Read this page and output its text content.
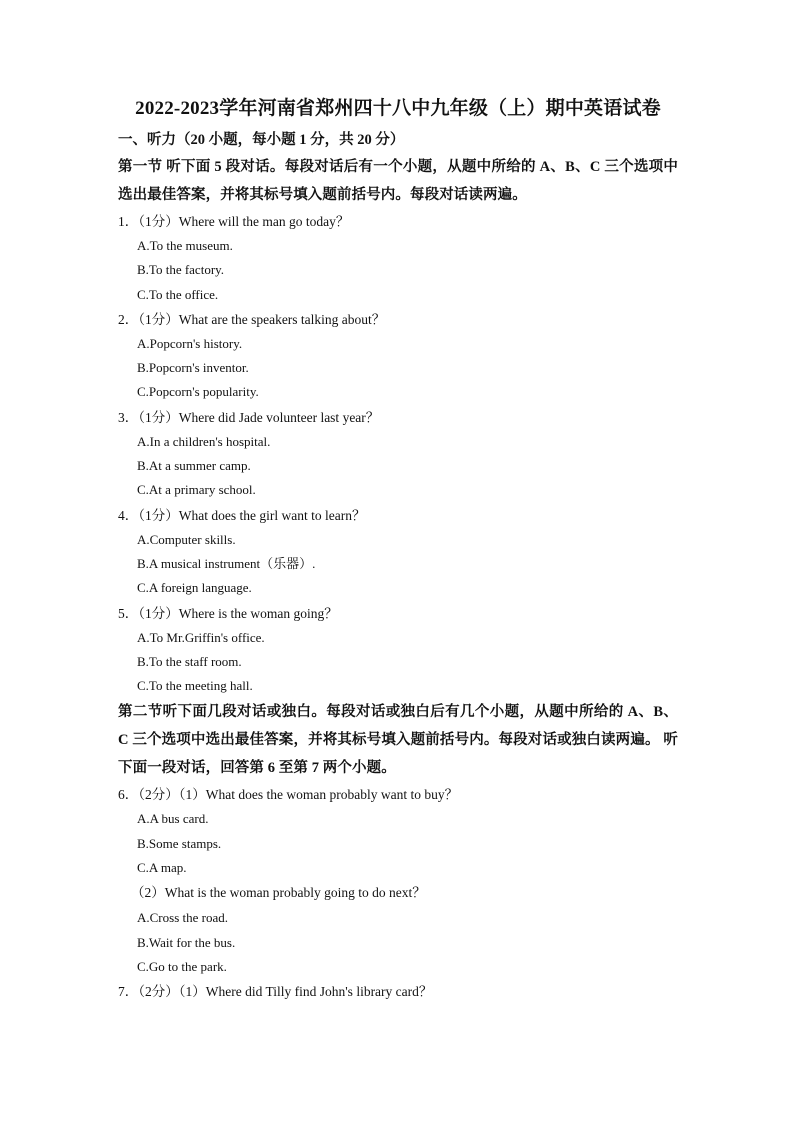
2022-2023学年河南省郑州四十八中九年级（上）期中英语试卷
一、听力（20 小题，每小题 1 分，共 20 分）
第一节 听下面 5 段对话。每段对话后有一个小题，从题中所给的 A、B、C 三个选项中选出最佳答案，并将其标号填入题前括号内。每段对话读两遍。
1．（1分）Where will the man go today？
A.To the museum.
B.To the factory.
C.To the office.
2．（1分）What are the speakers talking about？
A.Popcorn's history.
B.Popcorn's inventor.
C.Popcorn's popularity.
3．（1分）Where did Jade volunteer last year？
A.In a children's hospital.
B.At a summer camp.
C.At a primary school.
4．（1分）What does the girl want to learn？
A.Computer skills.
B.A musical instrument（乐器）.
C.A foreign language.
5．（1分）Where is the woman going？
A.To Mr.Griffin's office.
B.To the staff room.
C.To the meeting hall.
第二节听下面几段对话或独白。每段对话或独白后有几个小题，从题中所给的 A、B、C 三个选项中选出最佳答案，并将其标号填入题前括号内。每段对话或独白读两遍。 听下面一段对话，回答第 6 至第 7 两个小题。
6．（2分）（1）What does the woman probably want to buy？
A.A bus card.
B.Some stamps.
C.A map.
（2）What is the woman probably going to do next？
A.Cross the road.
B.Wait for the bus.
C.Go to the park.
7．（2分）（1）Where did Tilly find John's library card？
